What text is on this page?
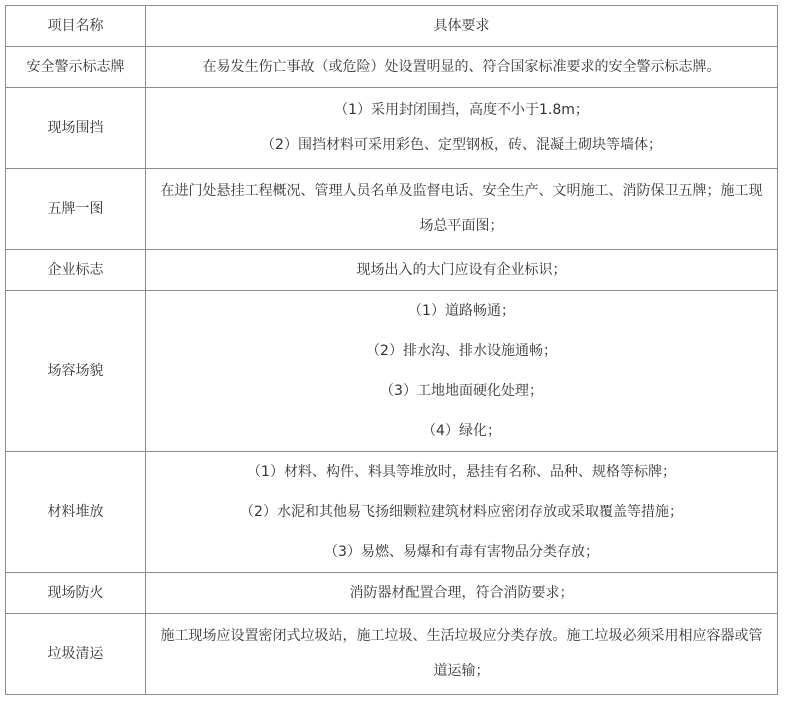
项目名称	具体要求
安全警示标志牌	在易发生伤亡事故（或危险）处设置明显的、符合国家标准要求的安全警示标志牌。

现场围挡	（1）采用封闭围挡，高度不小于1.8m；
（2）围挡材料可采用彩色、定型钢板，砖、混凝土砌块等墙体；

五牌一图	在进门处悬挂工程概况、管理人员名单及监督电话、安全生产、文明施工、消防保卫五牌；施工现场总平面图；

企业标志	现场出入的大门应设有企业标识；

场容场貌	（1）道路畅通；
（2）排水沟、排水设施通畅；
（3）工地地面硬化处理；
（4）绿化；

材料堆放	（1）材料、构件、料具等堆放时，悬挂有名称、品种、规格等标牌；
（2）水泥和其他易飞扬细颗粒建筑材料应密闭存放或采取覆盖等措施；
（3）易燃、易爆和有毒有害物品分类存放；

现场防火	消防器材配置合理，符合消防要求；

垃圾清运	施工现场应设置密闭式垃圾站，施工垃圾、生活垃圾应分类存放。施工垃圾必须采用相应容器或管道运输；
